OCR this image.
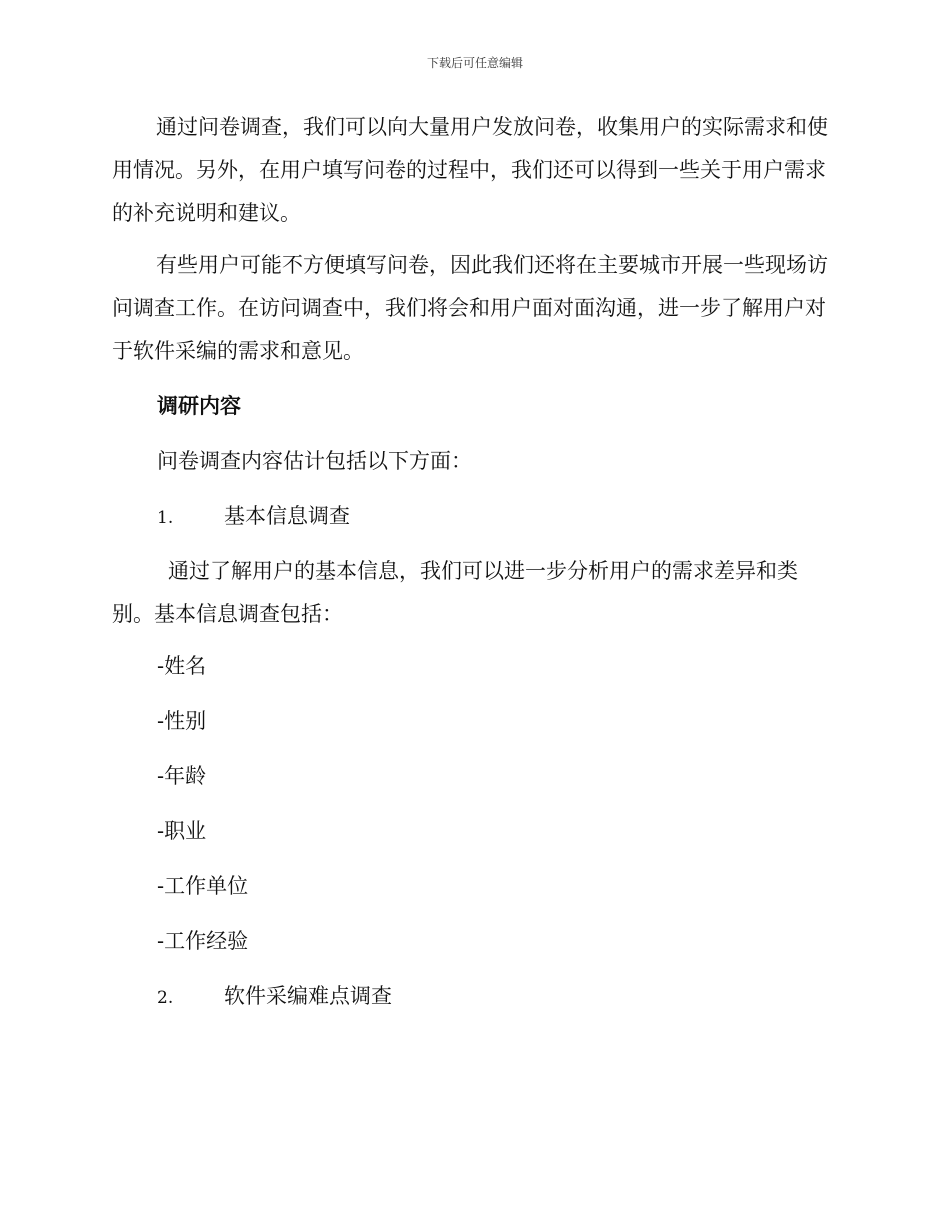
下载后可任意编辑

通过问卷调查，我们可以向大量用户发放问卷，收集用户的实际需求和使用情况。另外，在用户填写问卷的过程中，我们还可以得到一些关于用户需求的补充说明和建议。

有些用户可能不方便填写问卷，因此我们还将在主要城市开展一些现场访问调查工作。在访问调查中，我们将会和用户面对面沟通，进一步了解用户对于软件采编的需求和意见。

调研内容
问卷调查内容估计包括以下方面：
1. 基本信息调查

通过了解用户的基本信息，我们可以进一步分析用户的需求差异和类别。基本信息调查包括：

-姓名
-性别
-年龄
-职业
-工作单位
-工作经验
2. 软件采编难点调查
